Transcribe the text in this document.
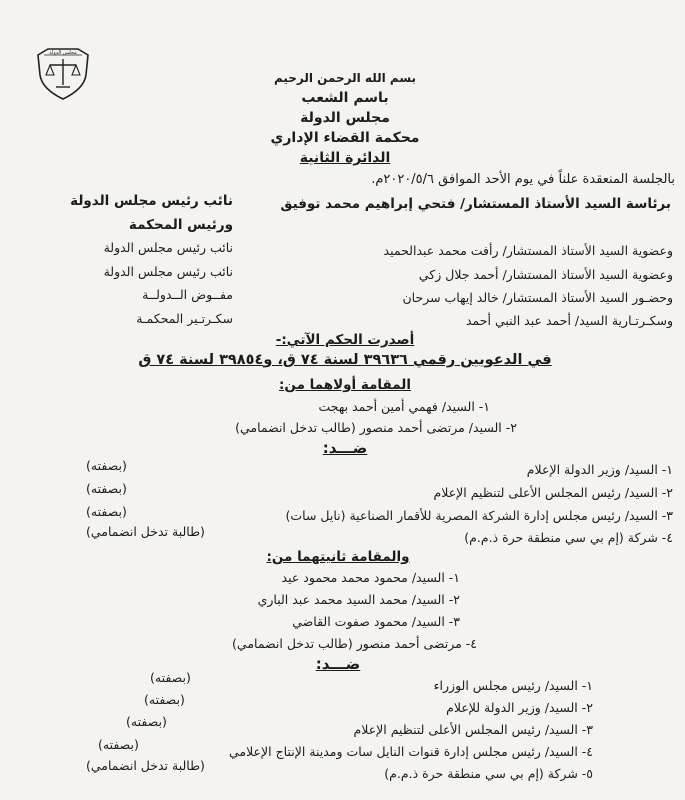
مجلس الدولة
بسم الله الرحمن الرحيم
باسم الشعب
مجلس الدولة
محكمة القضاء الإداري
الدائرة الثانية
بالجلسة المنعقدة علناً في يوم الأحد الموافق ٢٠٢٠/٥/٦م.
برئاسة السيد الأستاذ المستشار/ فتحي إبراهيم محمد توفيق
نائب رئيس مجلس الدولة
ورئيس المحكمة
نائب رئيس مجلس الدولة
نائب رئيس مجلس الدولة
مفــوض الــدولــة
سكـرتـير المحكمـة
وعضوية السيد الأستاذ المستشار/ رأفت محمد عبدالحميد
وعضوية السيد الأستاذ المستشار/ أحمد جلال زكي
وحضـور السيد الأستاذ المستشار/ خالد إيهاب سرحان
وسكـرتـارية السيد/ أحمد عبد النبي أحمد
أصدرت الحكم الآتي:-
في الدعويين رقمي ٣٩٦٣٦ لسنة ٧٤ ق، و٣٩٨٥٤ لسنة ٧٤ ق
المقامة أولاهما من:
١- السيد/ فهمي أمين أحمد بهجت
٢- السيد/ مرتضى أحمد منصور (طالب تدخل انضمامي)
ضـــد:
١- السيد/ وزير الدولة الإعلام
٢- السيد/ رئيس المجلس الأعلى لتنظيم الإعلام
٣- السيد/ رئيس مجلس إدارة الشركة المصرية للأقمار الصناعية (نايل سات)
٤- شركة (إم بي سي منطقة حرة ذ.م.م)
(بصفته)
(بصفته)
(بصفته)
(طالبة تدخل انضمامي)
والمقامة ثانيتهما من:
١- السيد/ محمود محمد محمود عيد
٢- السيد/ محمد السيد محمد عبد الباري
٣- السيد/ محمود صفوت القاضي
٤- مرتضى أحمد منصور (طالب تدخل انضمامي)
ضـــد:
١- السيد/ رئيس مجلس الوزراء
٢- السيد/ وزير الدولة للإعلام
٣- السيد/ رئيس المجلس الأعلى لتنظيم الإعلام
٤- السيد/ رئيس مجلس إدارة قنوات النايل سات ومدينة الإنتاج الإعلامي
٥- شركة (إم بي سي منطقة حرة ذ.م.م)
(بصفته)
(بصفته)
(بصفته)
(بصفته)
(طالبة تدخل انضمامي)
